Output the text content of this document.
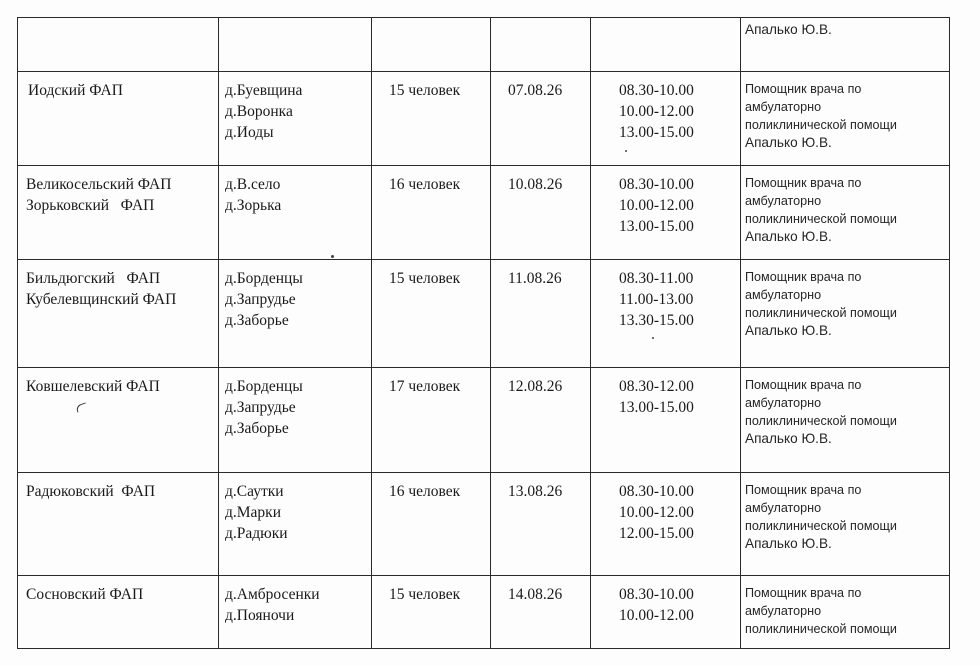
					Апалько Ю.В.

Иодский ФАП	д.Буевщина
д.Воронка
д.Иоды	15 человек	07.08.26	08.30-10.00
10.00-12.00
13.00-15.00	Помощник врача по
амбулаторно
поликлинической помощи
Апалько Ю.В.

Великосельский ФАП
Зорьковский   ФАП	д.В.село
д.Зорька	16 человек	10.08.26	08.30-10.00
10.00-12.00
13.00-15.00	Помощник врача по
амбулаторно
поликлинической помощи
Апалько Ю.В.

Бильдюгский   ФАП
Кубелевщинский ФАП	д.Борденцы
д.Запрудье
д.Заборье	15 человек	11.08.26	08.30-11.00
11.00-13.00
13.30-15.00	Помощник врача по
амбулаторно
поликлинической помощи
Апалько Ю.В.

Ковшелевский ФАП	д.Борденцы
д.Запрудье
д.Заборье	17 человек	12.08.26	08.30-12.00
13.00-15.00	Помощник врача по
амбулаторно
поликлинической помощи
Апалько Ю.В.

Радюковский  ФАП	д.Саутки
д.Марки
д.Радюки	16 человек	13.08.26	08.30-10.00
10.00-12.00
12.00-15.00	Помощник врача по
амбулаторно
поликлинической помощи
Апалько Ю.В.

Сосновский ФАП	д.Амбросенки
д.Пояночи	15 человек	14.08.26	08.30-10.00
10.00-12.00	Помощник врача по
амбулаторно
поликлинической помощи
